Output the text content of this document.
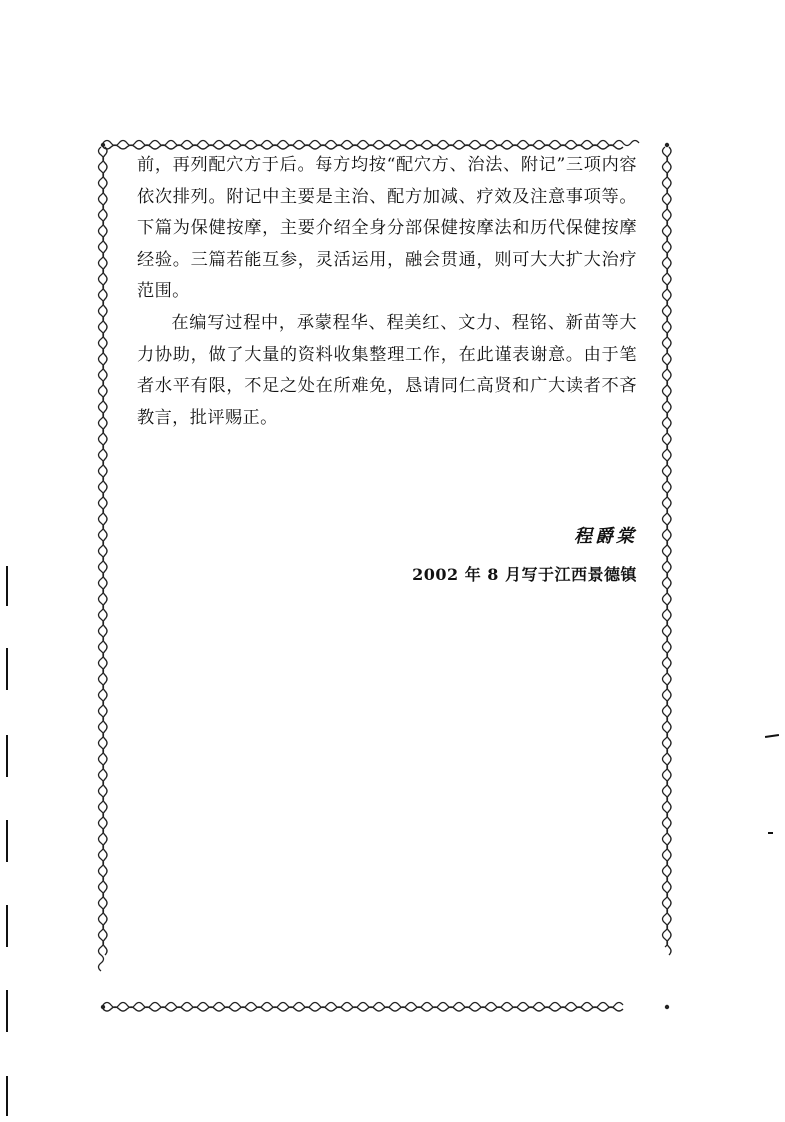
前，再列配穴方于后。每方均按“配穴方、治法、附记”三项内容依次排列。附记中主要是主治、配方加减、疗效及注意事项等。下篇为保健按摩，主要介绍全身分部保健按摩法和历代保健按摩经验。三篇若能互参，灵活运用，融会贯通，则可大大扩大治疗范围。

在编写过程中，承蒙程华、程美红、文力、程铭、新苗等大力协助，做了大量的资料收集整理工作，在此谨表谢意。由于笔者水平有限，不足之处在所难免，恳请同仁高贤和广大读者不吝教言，批评赐正。

程爵棠
2002 年 8 月写于江西景德镇
